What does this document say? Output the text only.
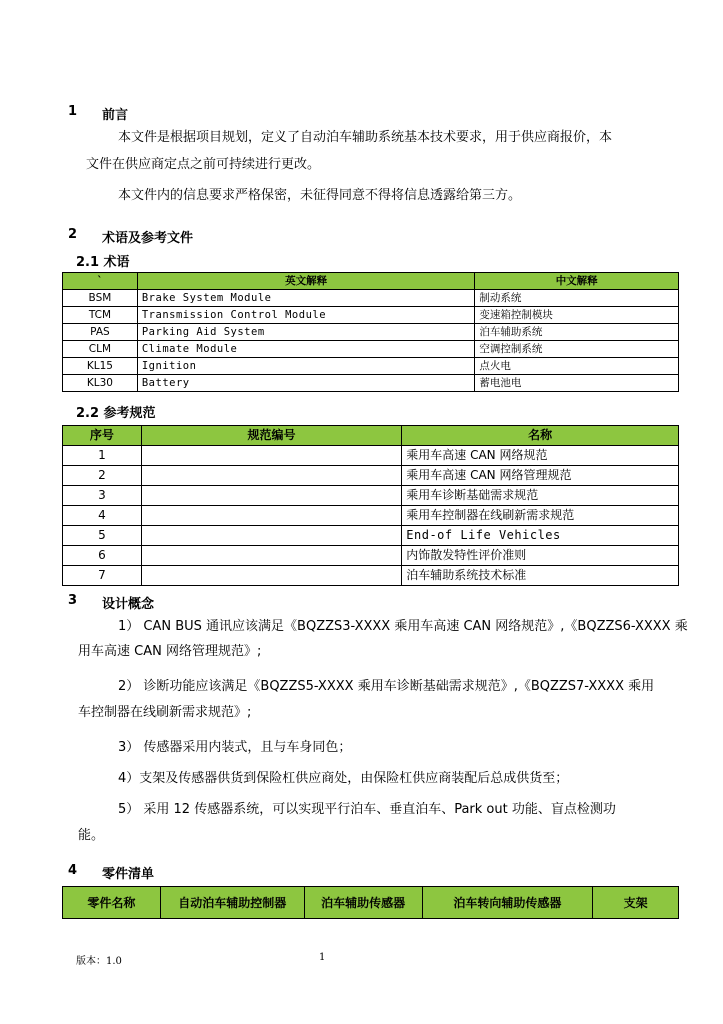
1 前言
本文件是根据项目规划，定义了自动泊车辅助系统基本技术要求，用于供应商报价，本
文件在供应商定点之前可持续进行更改。
本文件内的信息要求严格保密，未征得同意不得将信息透露给第三方。
2 术语及参考文件
2.1 术语
`	英文解释	中文解释
BSM	Brake System Module	制动系统
TCM	Transmission Control Module	变速箱控制模块
PAS	Parking Aid System	泊车辅助系统
CLM	Climate Module	空调控制系统
KL15	Ignition	点火电
KL30	Battery	蓄电池电
2.2 参考规范
序号	规范编号	名称
1		乘用车高速 CAN 网络规范
2		乘用车高速 CAN 网络管理规范
3		乘用车诊断基础需求规范
4		乘用车控制器在线刷新需求规范
5		End-of Life Vehicles
6		内饰散发特性评价准则
7		泊车辅助系统技术标准
3 设计概念
1） CAN BUS 通讯应该满足《BQZZS3-XXXX 乘用车高速 CAN 网络规范》,《BQZZS6-XXXX 乘
用车高速 CAN 网络管理规范》;
2） 诊断功能应该满足《BQZZS5-XXXX 乘用车诊断基础需求规范》,《BQZZS7-XXXX 乘用
车控制器在线刷新需求规范》;
3） 传感器采用内装式，且与车身同色；
4）支架及传感器供货到保险杠供应商处，由保险杠供应商装配后总成供货至；
5） 采用 12 传感器系统，可以实现平行泊车、垂直泊车、Park out 功能、盲点检测功
能。
4 零件清单
零件名称	自动泊车辅助控制器	泊车辅助传感器	泊车转向辅助传感器	支架
版本：1.0	1
